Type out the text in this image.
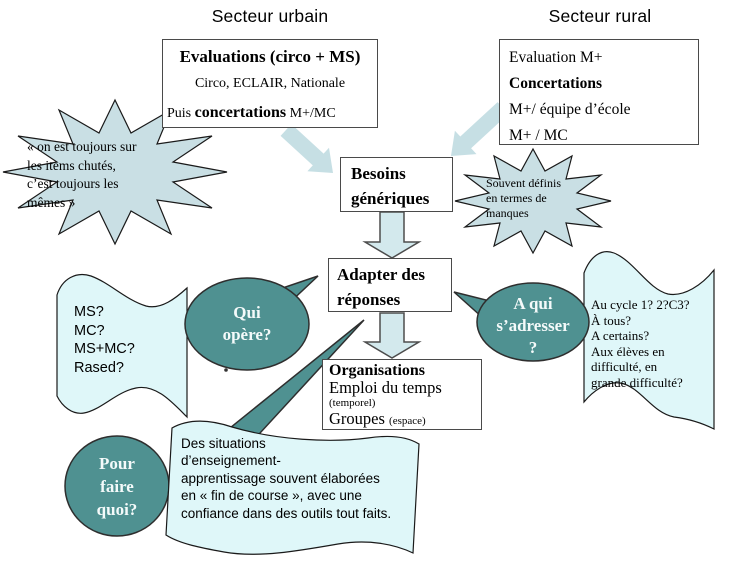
Secteur urbain	Secteur rural
Evaluations (circo + MS)
Circo, ECLAIR, Nationale
Puis concertations M+/MC
Evaluation M+
Concertations
M+/ équipe d’école
M+ / MC
« on est toujours sur
les items chutés,
c’est toujours les
mêmes »
Souvent définis
en termes de
manques
Besoins
génériques
Adapter des
réponses
Organisations
Emploi du temps
(temporel)
Groupes (espace)
MS?
MC?
MS+MC?
Rased?
Au cycle 1? 2?C3?
À tous?
A certains?
Aux élèves en
difficulté, en
grande difficulté?
Des situations
d’enseignement-
apprentissage souvent élaborées
en « fin de course », avec une
confiance dans des outils tout faits.
Qui
opère?
A qui
s’adresser
?
Pour
faire
quoi?
